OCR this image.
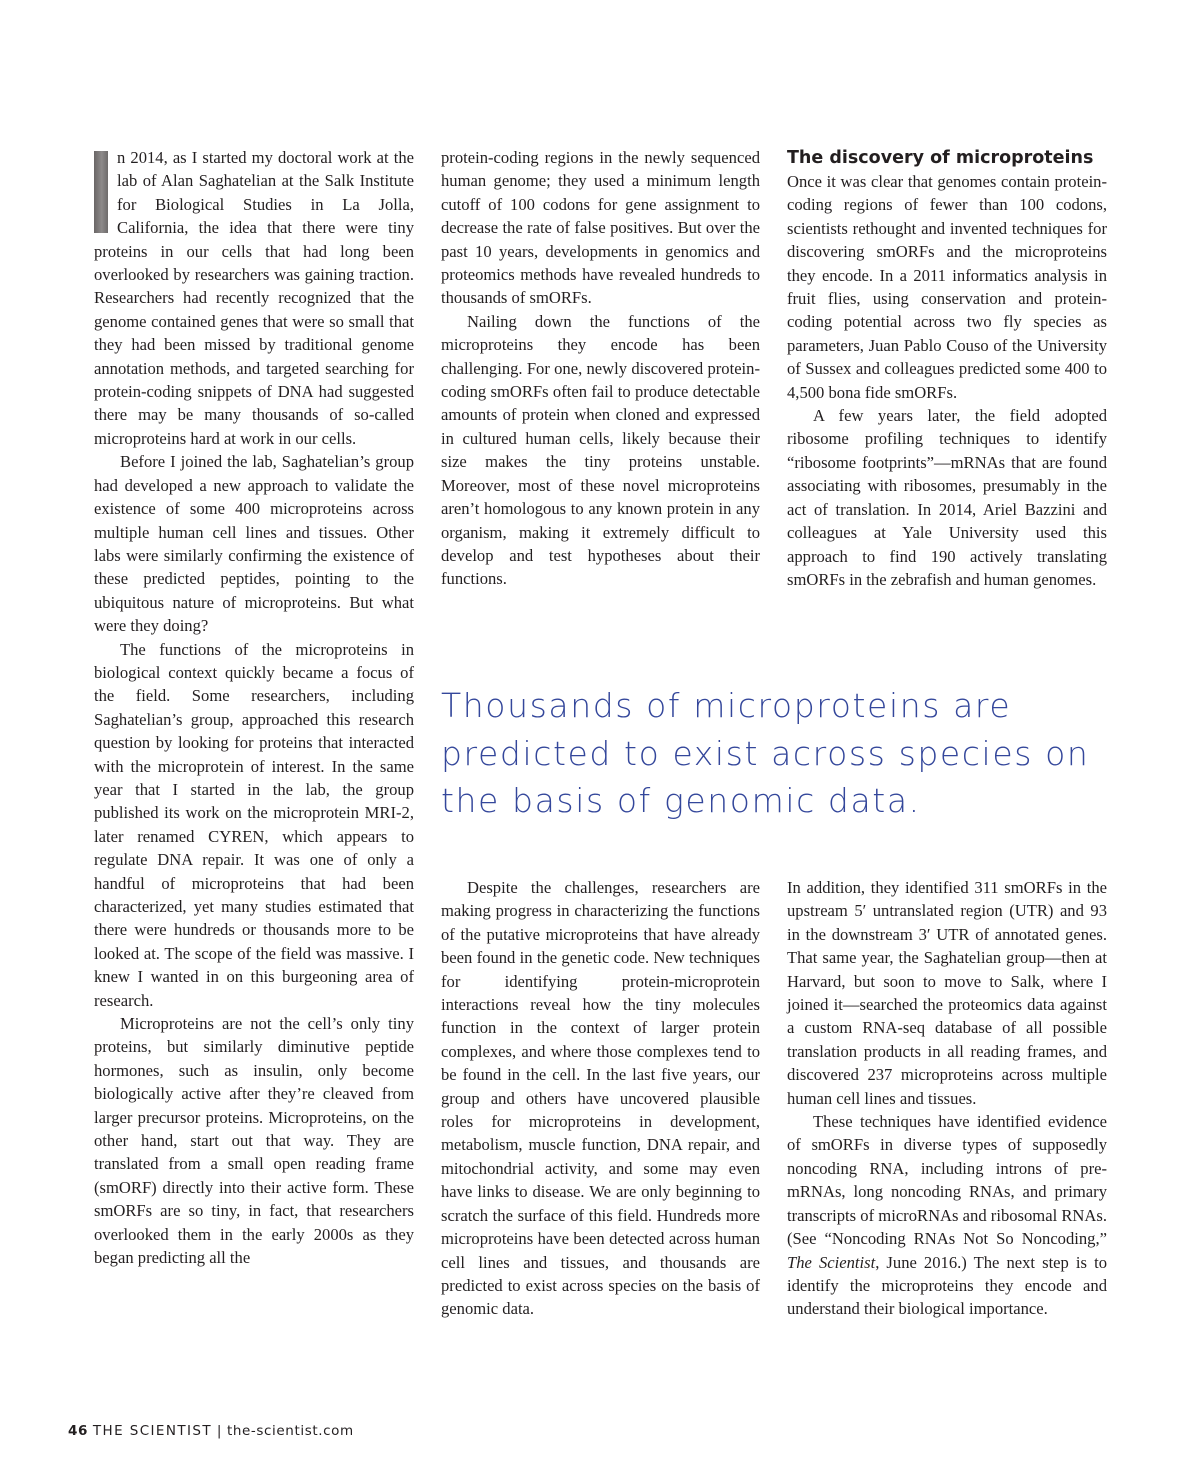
n 2014, as I started my doctoral work at the lab of Alan Saghatelian at the Salk Institute for Biological Studies in La Jolla, California, the idea that there were tiny proteins in our cells that had long been overlooked by researchers was gaining traction. Researchers had recently recognized that the genome contained genes that were so small that they had been missed by traditional genome annotation methods, and targeted searching for protein-coding snippets of DNA had suggested there may be many thousands of so-called microproteins hard at work in our cells.

Before I joined the lab, Saghatelian’s group had developed a new approach to validate the existence of some 400 microproteins across multiple human cell lines and tissues. Other labs were similarly confirming the existence of these predicted peptides, pointing to the ubiquitous nature of microproteins. But what were they doing?

The functions of the microproteins in biological context quickly became a focus of the field. Some researchers, including Saghatelian’s group, approached this research question by looking for proteins that interacted with the microprotein of interest. In the same year that I started in the lab, the group published its work on the microprotein MRI-2, later renamed CYREN, which appears to regulate DNA repair. It was one of only a handful of microproteins that had been characterized, yet many studies estimated that there were hundreds or thousands more to be looked at. The scope of the field was massive. I knew I wanted in on this burgeoning area of research.

Microproteins are not the cell’s only tiny proteins, but similarly diminutive peptide hormones, such as insulin, only become biologically active after they’re cleaved from larger precursor proteins. Microproteins, on the other hand, start out that way. They are translated from a small open reading frame (smORF) directly into their active form. These smORFs are so tiny, in fact, that researchers overlooked them in the early 2000s as they began predicting all the

protein-coding regions in the newly sequenced human genome; they used a minimum length cutoff of 100 codons for gene assignment to decrease the rate of false positives. But over the past 10 years, developments in genomics and proteomics methods have revealed hundreds to thousands of smORFs.

Nailing down the functions of the microproteins they encode has been challenging. For one, newly discovered protein-coding smORFs often fail to produce detectable amounts of protein when cloned and expressed in cultured human cells, likely because their size makes the tiny proteins unstable. Moreover, most of these novel microproteins aren’t homologous to any known protein in any organism, making it extremely difficult to develop and test hypotheses about their functions.

The discovery of microproteins

Once it was clear that genomes contain protein-coding regions of fewer than 100 codons, scientists rethought and invented techniques for discovering smORFs and the microproteins they encode. In a 2011 informatics analysis in fruit flies, using conservation and protein-coding potential across two fly species as parameters, Juan Pablo Couso of the University of Sussex and colleagues predicted some 400 to 4,500 bona fide smORFs.

A few years later, the field adopted ribosome profiling techniques to identify “ribosome footprints”—mRNAs that are found associating with ribosomes, presumably in the act of translation. In 2014, Ariel Bazzini and colleagues at Yale University used this approach to find 190 actively translating smORFs in the zebrafish and human genomes.

Thousands of microproteins are predicted to exist across species on the basis of genomic data.

Despite the challenges, researchers are making progress in characterizing the functions of the putative microproteins that have already been found in the genetic code. New techniques for identifying protein-microprotein interactions reveal how the tiny molecules function in the context of larger protein complexes, and where those complexes tend to be found in the cell. In the last five years, our group and others have uncovered plausible roles for microproteins in development, metabolism, muscle function, DNA repair, and mitochondrial activity, and some may even have links to disease. We are only beginning to scratch the surface of this field. Hundreds more microproteins have been detected across human cell lines and tissues, and thousands are predicted to exist across species on the basis of genomic data.

In addition, they identified 311 smORFs in the upstream 5′ untranslated region (UTR) and 93 in the downstream 3′ UTR of annotated genes. That same year, the Saghatelian group—then at Harvard, but soon to move to Salk, where I joined it—searched the proteomics data against a custom RNA-seq database of all possible translation products in all reading frames, and discovered 237 microproteins across multiple human cell lines and tissues.

These techniques have identified evidence of smORFs in diverse types of supposedly noncoding RNA, including introns of pre-mRNAs, long noncoding RNAs, and primary transcripts of microRNAs and ribosomal RNAs. (See “Noncoding RNAs Not So Noncoding,” The Scientist, June 2016.) The next step is to identify the microproteins they encode and understand their biological importance.

46 THE SCIENTIST | the-scientist.com
